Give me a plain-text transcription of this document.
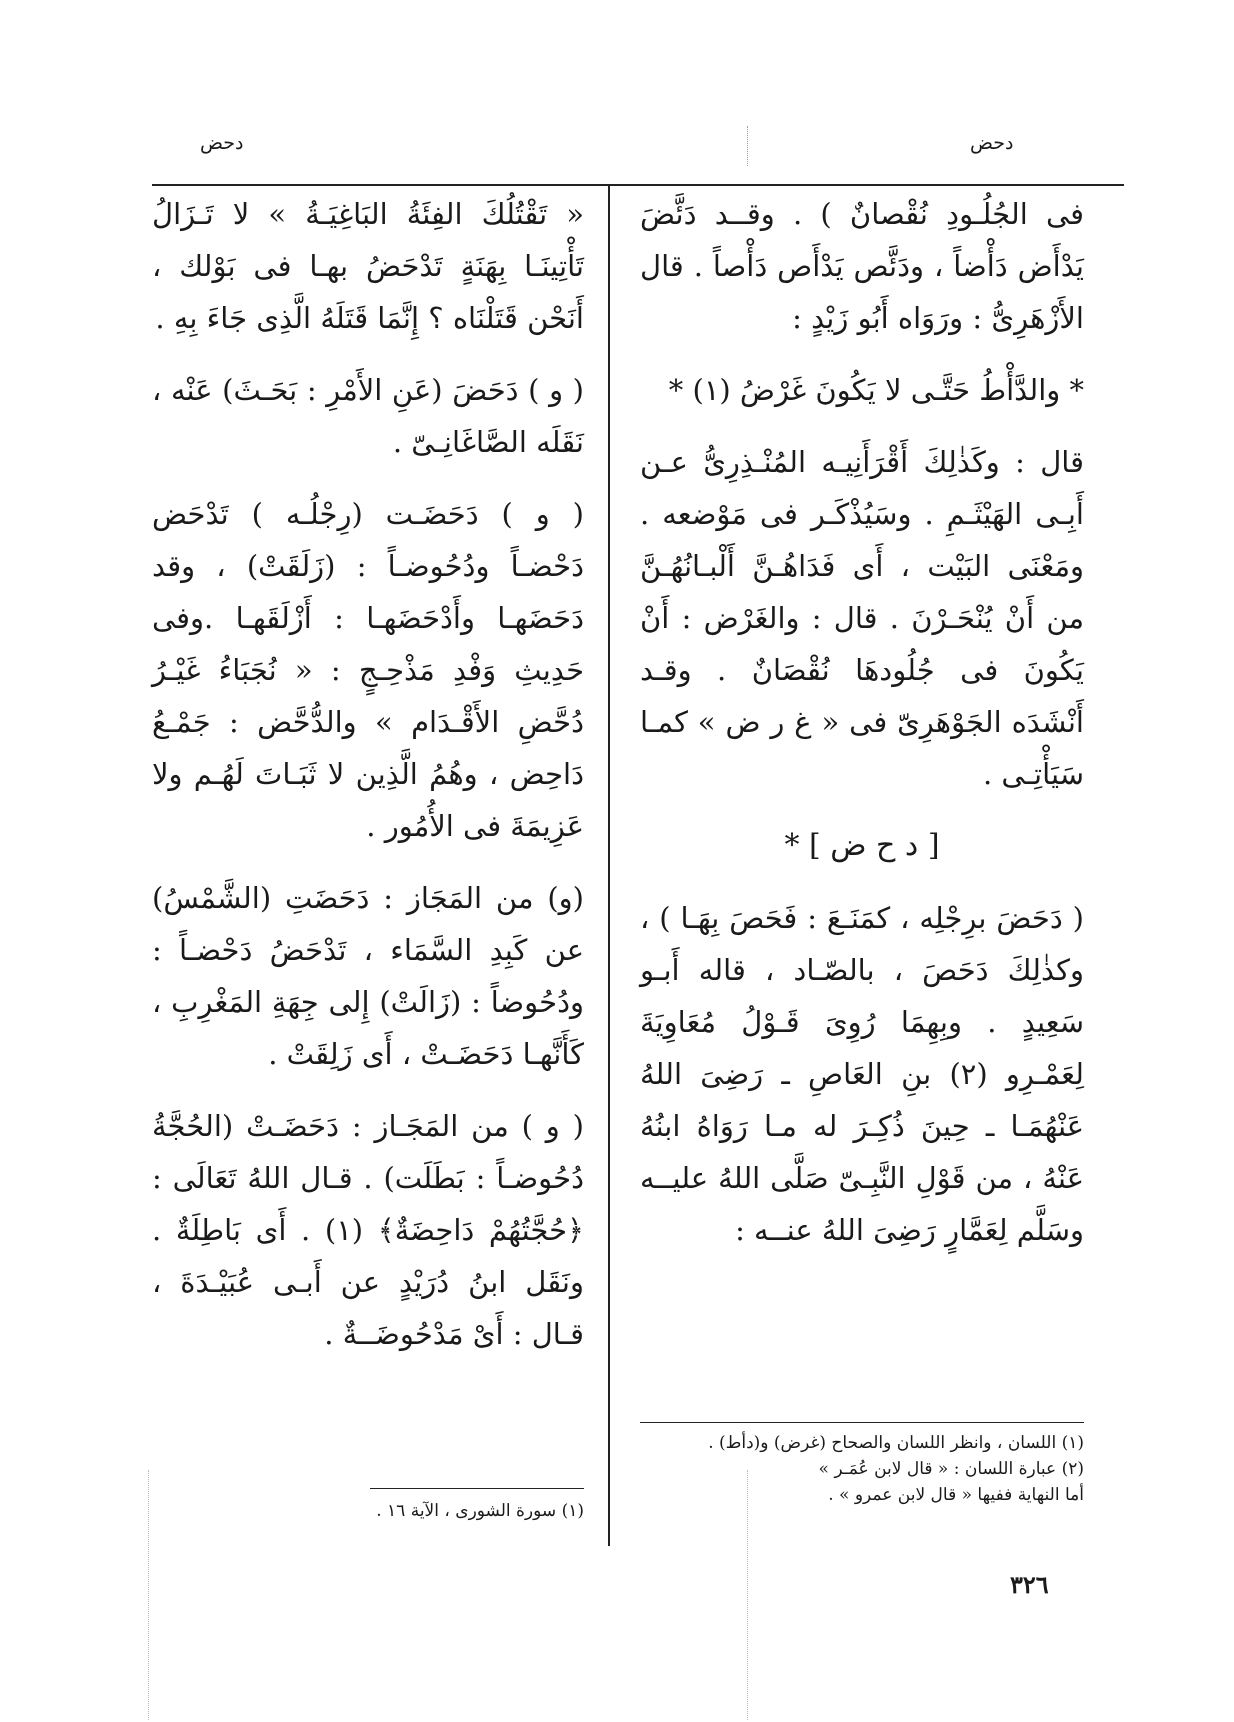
دحض
دحض

فى الجُلُـودِ نُقْصانٌ ) . وقــد دَئَّضَ يَدْأَض دَأْضاً ، ودَئَّص يَدْأَص دَأْصاً . قال الأَزْهَرِىُّ : ورَوَاه أَبُو زَيْدٍ :

* والدَّأْطُ حَتَّـى لا يَكُونَ غَرْضُ (١) *

قال : وكَذٰلِكَ أَقْرَأَنِيـه المُنْـذِرِىُّ عـن أَبِـى الهَيْثَـمِ . وسَيُذْكَـر فى مَوْضعه . ومَعْنَى البَيْت ، أَى فَدَاهُـنَّ أَلْبـانُهُـنَّ من أَنْ يُنْحَـرْنَ . قال : والغَرْض : أَنْ يَكُونَ فى جُلُودهَا نُقْصَانٌ . وقـد أَنْشَدَه الجَوْهَرِىّ فى « غ ر ض » كمـا سَيَأْتِـى .

[ د ح ض ] *

( دَحَضَ برِجْلِه ، كمَنَـعَ : فَحَصَ بِهَـا ) ، وكذٰلِكَ دَحَصَ ، بالصّـاد ، قاله أَبـو سَعِيدٍ . وبِهِمَا رُوِىَ قَـوْلُ مُعَاوِيَةَ لِعَمْـرِو (٢) بنِ العَاصِ ـ رَضِىَ اللهُ عَنْهُمَـا ـ حِينَ ذُكِـرَ له مـا رَوَاهُ ابنُهُ عَنْهُ ، من قَوْلِ النَّبِـىّ صَلَّى اللهُ عليــه وسَلَّم لِعَمَّارٍ رَضِىَ اللهُ عنــه :

(١) اللسان ، وانظر اللسان والصحاح (غرض) و(دأط) .
(٢) عبارة اللسان : « قال لابن عُمَـر »
أما النهاية ففيها « قال لابن عمرو » .

« تَقْتُلُكَ الفِئَةُ البَاغِيَـةُ » لا تَـزَالُ تَأْتِينَـا بِهَنَةٍ تَدْحَضُ بهـا فى بَوْلك ، أَنَحْن قَتَلْنَاه ؟ إِنَّمَا قَتَلَهُ الَّذِى جَاءَ بِهِ .

( و ) دَحَضَ (عَنِ الأَمْرِ : بَحَـثَ) عَنْه ، نَقَلَه الصَّاغَانِـىّ .

( و ) دَحَضَـت (رِجْلُـه ) تَدْحَض دَحْضـاً ودُحُوضـاً : (زَلَقَتْ) ، وقد دَحَضَهـا وأَدْحَضَهـا : أَزْلَقَهـا .وفى حَدِيثِ وَفْدِ مَذْحِـجٍ : « نُجَبَاءُ غَيْـرُ دُحَّضِ الأَقْـدَام » والدُّحَّض : جَمْـعُ دَاحِض ، وهُمُ الَّذِين لا ثَبَـاتَ لَهُـم ولا عَزِيمَةَ فى الأُمُور .

(و) من المَجَاز : دَحَضَتِ (الشَّمْسُ) عن كَبِدِ السَّمَاء ، تَدْحَضُ دَحْضـاً : ودُحُوضاً : (زَالَتْ) إِلى جِهَةِ المَغْرِبِ ، كَأَنَّهـا دَحَضَـتْ ، أَى زَلِقَتْ .

( و ) من المَجَـاز : دَحَضَـتْ (الحُجَّةُ دُحُوضـاً : بَطَلَت) . قـال اللهُ تَعَالَى : ﴿حُجَّتُهُمْ دَاحِضَةٌ﴾ (١) . أَى بَاطِلَةٌ . ونَقَل ابنُ دُرَيْدٍ عن أَبـى عُبَيْـدَةَ ، قـال : أَىْ مَدْحُوضَــةٌ .

(١) سورة الشورى ، الآية ١٦ .
٣٢٦
